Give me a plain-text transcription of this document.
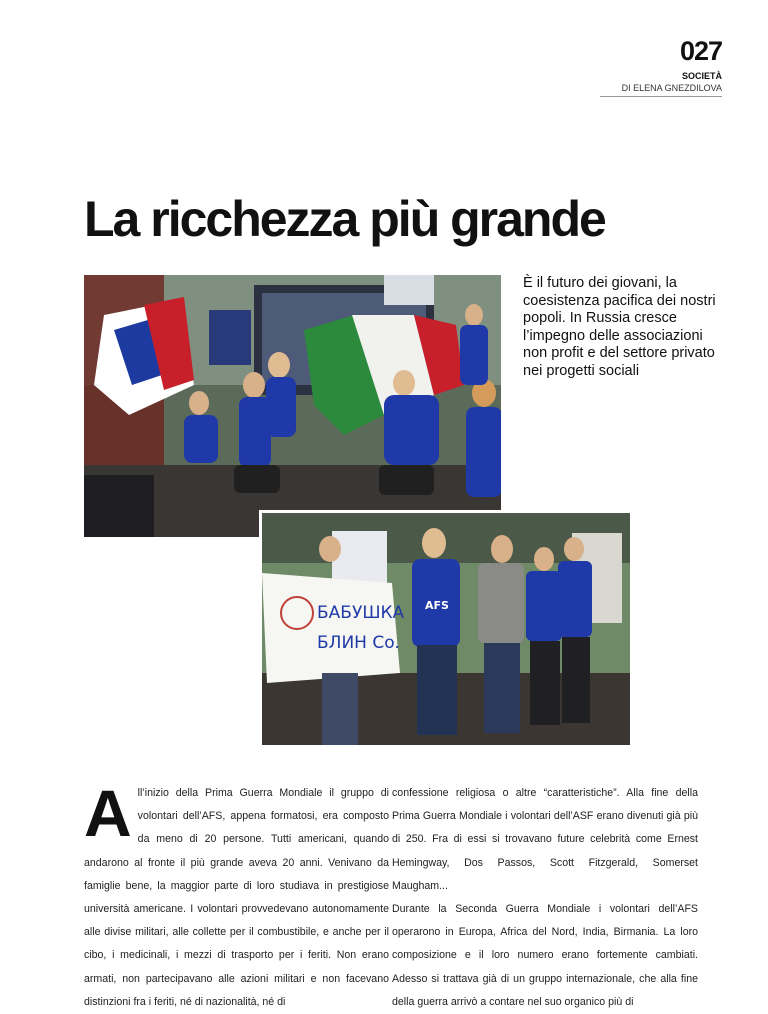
027
SOCIETÀ
DI ELENA GNEZDILOVA
La ricchezza più grande

È il futuro dei giovani, la coesistenza pacifica dei nostri popoli. In Russia cresce l’impegno delle associazioni non profit e del settore privato nei progetti sociali

БАБУШКА
БЛИН Co.
AFS
A ll’inizio della Prima Guerra Mondiale il gruppo di volontari dell’AFS, appena formatosi, era composto da meno di 20 persone. Tutti americani, quando andarono al fronte il più grande aveva 20 anni. Venivano da famiglie bene, la maggior parte di loro studiava in prestigiose università americane. I volontari provvedevano autonomamente alle divise militari, alle collette per il combustibile, e anche per il cibo, i medicinali, i mezzi di trasporto per i feriti. Non erano armati, non partecipavano alle azioni militari e non facevano distinzioni fra i feriti, né di nazionalità, né di

confessione religiosa o altre “caratteristiche”. Alla fine della Prima Guerra Mondiale i volontari dell’ASF erano divenuti già più di 250. Fra di essi si trovavano future celebrità come Ernest Hemingway, Dos Passos, Scott Fitzgerald, Somerset Maugham...

Durante la Seconda Guerra Mondiale i volontari dell’AFS operarono in Europa, Africa del Nord, India, Birmania. La loro composizione e il loro numero erano fortemente cambiati. Adesso si trattava già di un gruppo internazionale, che alla fine della guerra arrivò a contare nel suo organico più di
